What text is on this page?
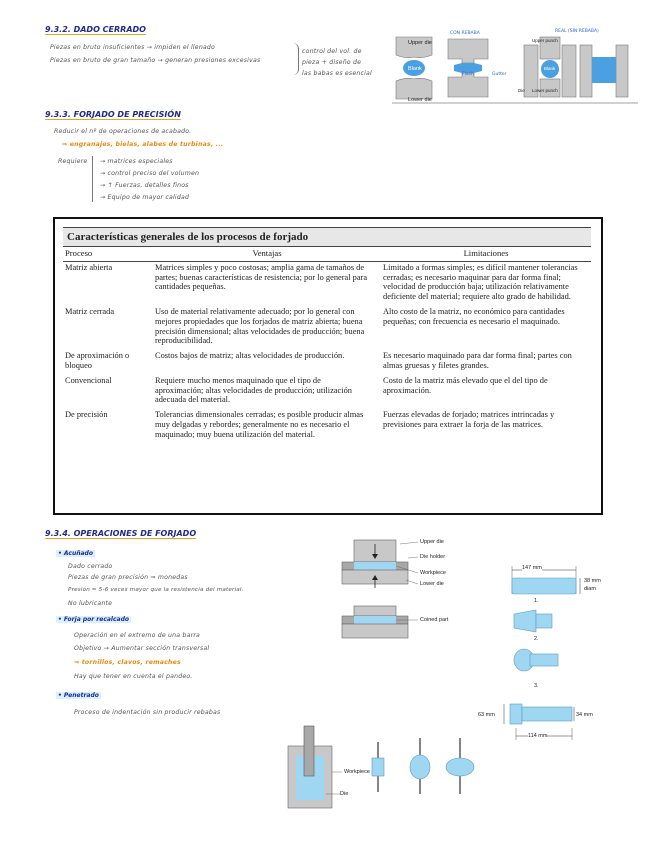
9.3.2. DADO CERRADO
Piezas en bruto insuficientes → impiden el llenado
Piezas en bruto de gran tamaño → generan presiones excesivas
control del vol. de
pieza + diseño de
las babas es esencial
Upper die
Lower die
Blank
CON REBABA
Flash	Gutter
REAL (SIN REBABA)
Upper punch
Lower punch
Die
Blank
9.3.3. FORJADO DE PRECISIÓN
Reducir el nº de operaciones de acabado.
⇒ engranajes, bielas, alabes de turbinas, ...
Requiere → matrices especiales
→ control preciso del volumen
→ ↑ Fuerzas, detalles finos
→ Equipo de mayor calidad
Características generales de los procesos de forjado
Proceso	Ventajas	Limitaciones
Matriz abierta	Matrices simples y poco costosas; amplia gama de tamaños de partes; buenas características de resistencia; por lo general para cantidades pequeñas.	Limitado a formas simples; es difícil mantener tolerancias cerradas; es necesario maquinar para dar forma final; velocidad de producción baja; utilización relativamente deficiente del material; requiere alto grado de habilidad.
Matriz cerrada	Uso de material relativamente adecuado; por lo general con mejores propiedades que los forjados de matriz abierta; buena precisión dimensional; altas velocidades de producción; buena reproducibilidad.	Alto costo de la matriz, no económico para cantidades pequeñas; con frecuencia es necesario el maquinado.
De aproximación o bloqueo	Costos bajos de matriz; altas velocidades de producción.	Es necesario maquinado para dar forma final; partes con almas gruesas y filetes grandes.
Convencional	Requiere mucho menos maquinado que el tipo de aproximación; altas velocidades de producción; utilización adecuada del material.	Costo de la matriz más elevado que el del tipo de aproximación.
De precisión	Tolerancias dimensionales cerradas; es posible producir almas muy delgadas y rebordes; generalmente no es necesario el maquinado; muy buena utilización del material.	Fuerzas elevadas de forjado; matrices intrincadas y previsiones para extraer la forja de las matrices.
9.3.4. OPERACIONES DE FORJADO
• Acuñado
Dado cerrado
Piezas de gran precisión ⇒ monedas
Presión ≈ 5-6 veces mayor que la resistencia del material.
No lubricante
• Forja por recalcado
Operación en el extremo de una barra
Objetivo → Aumentar sección transversal
⇒ tornillos, clavos, remaches
Hay que tener en cuenta el pandeo.
• Penetrado
Proceso de indentación sin producir rebabas
Upper die
Die holder
Workpiece
Lower die
Coined part
147 mm
38 mm
diam
1.
2.
3.
63 mm	34 mm
114 mm
Workpiece
Die
